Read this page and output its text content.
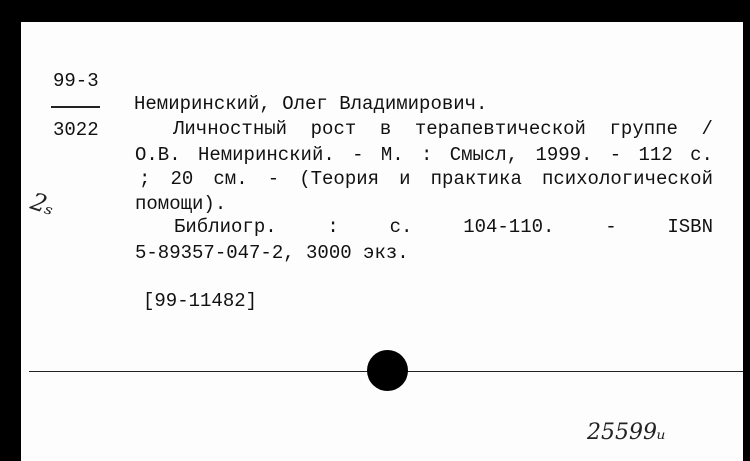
99-3
3022
Немиринский, Олег Владимирович.
Личностный рост в терапевтической группе /
О.В. Немиринский. - М. : Смысл, 1999. - 112 с.
; 20 см. - (Теория и практика психологической
помощи).
Библиогр.	:	с.	104-110.	-	ISBN
5-89357-047-2, 3000 экз.
[99-11482]
2ₛ
25599ᵤ
